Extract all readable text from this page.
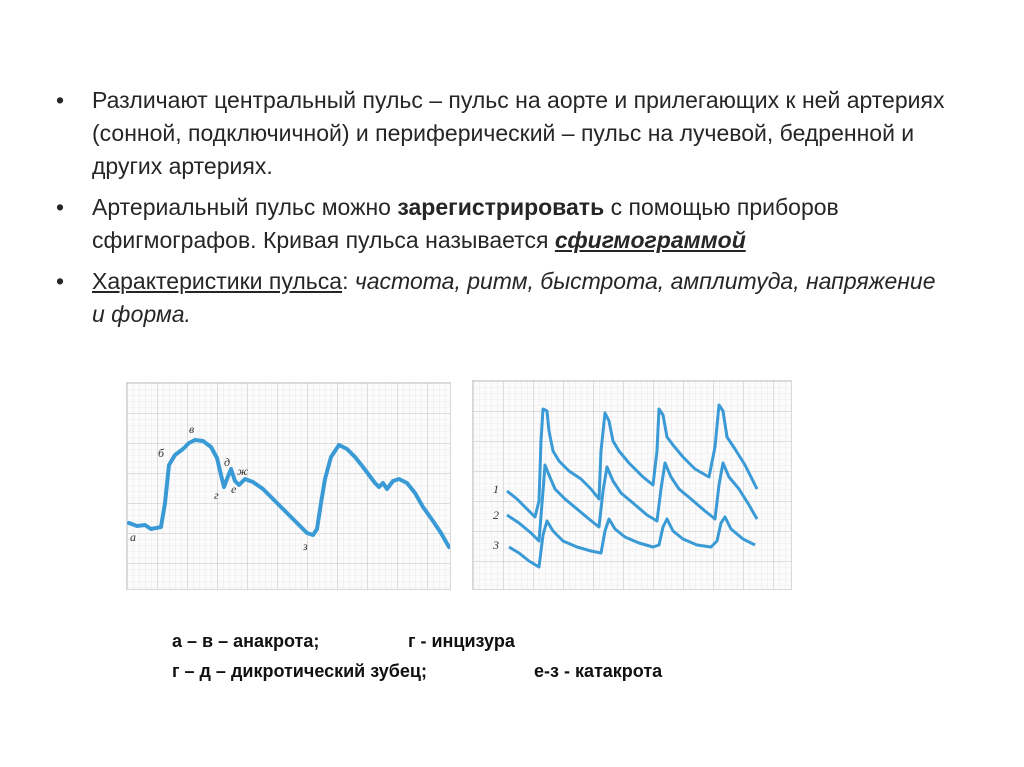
• Различают центральный пульс – пульс на аорте и прилегающих к ней артериях (сонной, подключичной) и периферический – пульс на лучевой, бедренной и других артериях.
• Артериальный пульс можно зарегистрировать с помощью приборов сфигмографов. Кривая пульса называется сфигмограммой
• Характеристики пульса: частота, ритм, быстрота, амплитуда, напряжение и форма.
а
б
в
г
д
е
ж
з
1
2
3
а – в – анакрота;	г - инцизура
г – д – дикротический зубец;	е-з - катакрота
